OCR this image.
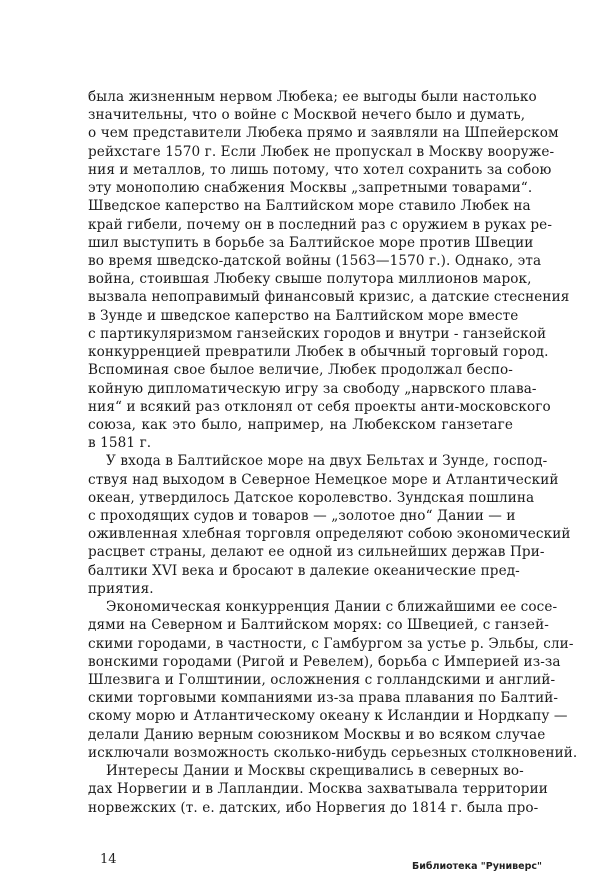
была жизненным нервом Любека; ее выгоды были настолько
значительны, что о войне с Москвой нечего было и думать,
о чем представители Любека прямо и заявляли на Шпейерском
рейхстаге 1570 г. Если Любек не пропускал в Москву вооруже-
ния и металлов, то лишь потому, что хотел сохранить за собою
эту монополию снабжения Москвы „запретными товарами“.
Шведское каперство на Балтийском море ставило Любек на
край гибели, почему он в последний раз с оружием в руках ре-
шил выступить в борьбе за Балтийское море против Швеции
во время шведско-датской войны (1563—1570 г.). Однако, эта
война, стоившая Любеку свыше полутора миллионов марок,
вызвала непоправимый финансовый кризис, а датские стеснения
в Зунде и шведское каперство на Балтийском море вместе
с партикуляризмом ганзейских городов и внутри - ганзейской
конкурренцией превратили Любек в обычный торговый город.
Вспоминая свое былое величие, Любек продолжал беспо-
койную дипломатическую игру за свободу „нарвского плава-
ния“ и всякий раз отклонял от себя проекты анти-московского
союза, как это было, например, на Любекском ганзетаге
в 1581 г.
У входа в Балтийское море на двух Бельтах и Зунде, господ-
ствуя над выходом в Северное Немецкое море и Атлантический
океан, утвердилось Датское королевство. Зундская пошлина
с проходящих судов и товаров — „золотое дно“ Дании — и
оживленная хлебная торговля определяют собою экономический
расцвет страны, делают ее одной из сильнейших держав При-
балтики XVI века и бросают в далекие океанические пред-
приятия.
Экономическая конкурренция Дании с ближайшими ее сосе-
дями на Северном и Балтийском морях: со Швецией, с ганзей-
скими городами, в частности, с Гамбургом за устье р. Эльбы, сли-
вонскими городами (Ригой и Ревелем), борьба с Империей из-за
Шлезвига и Голштинии, осложнения с голландскими и англий-
скими торговыми компаниями из-за права плавания по Балтий-
скому морю и Атлантическому океану к Исландии и Нордкапу —
делали Данию верным союзником Москвы и во всяком случае
исключали возможность сколько-нибудь серьезных столкновений.
Интересы Дании и Москвы скрещивались в северных во-
дах Норвегии и в Лапландии. Москва захватывала территории
норвежских (т. е. датских, ибо Норвегия до 1814 г. была про-
14	Библиотека "Руниверс"
